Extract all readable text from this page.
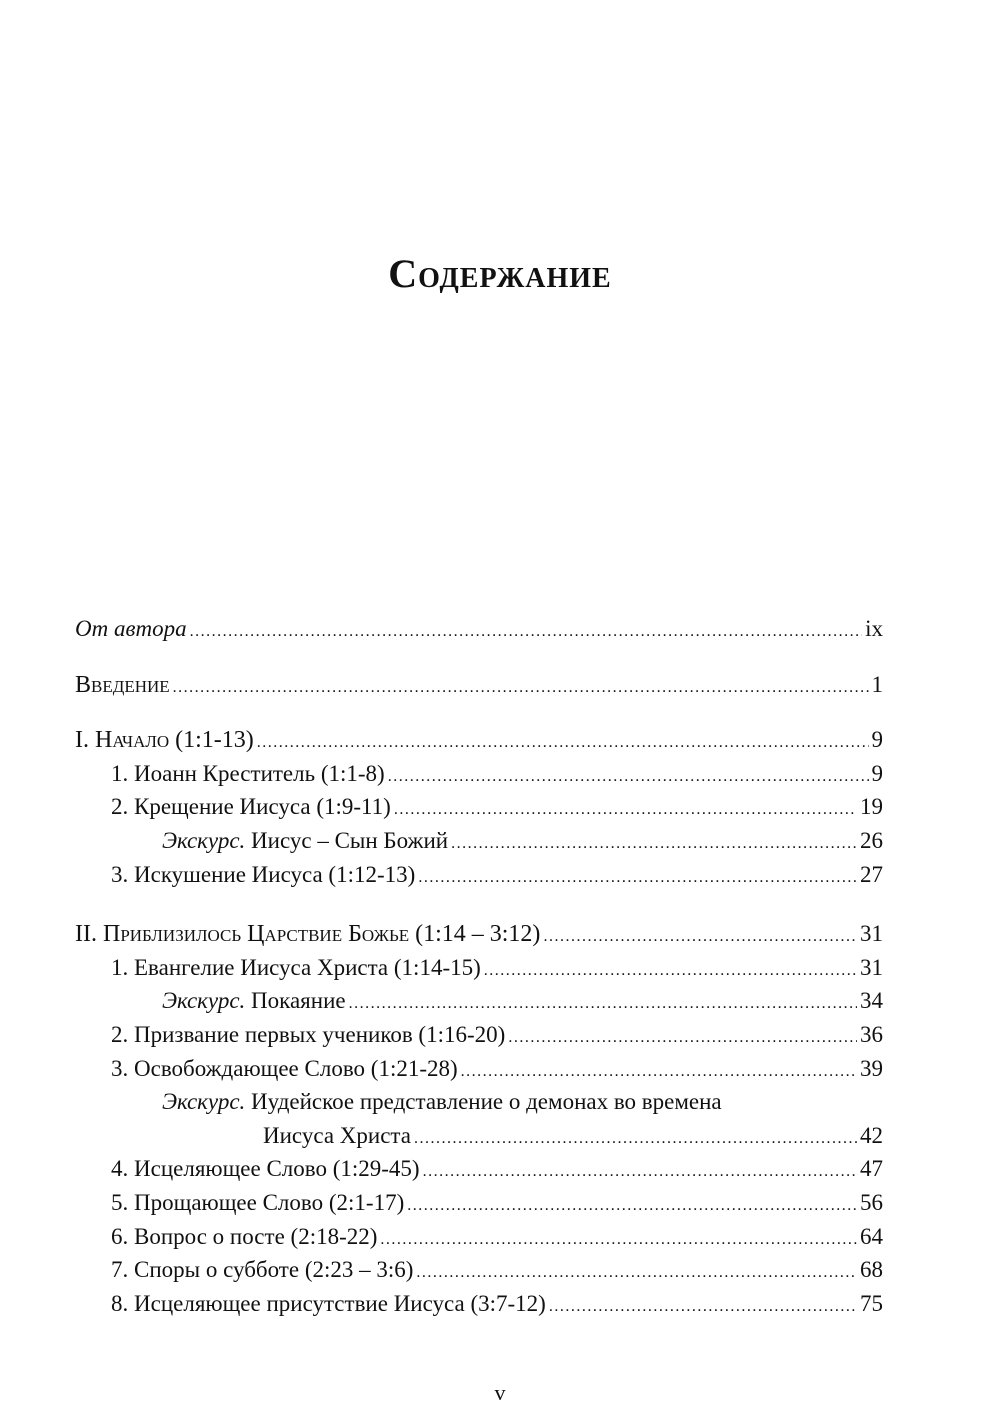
Содержание
От автора .....	ix
Введение .....	1
I. Начало (1:1-13) .....	9
1. Иоанн Креститель (1:1-8) .....	9
2. Крещение Иисуса (1:9-11) .....	19
Экскурс. Иисус – Сын Божий .....	26
3. Искушение Иисуса (1:12-13) .....	27
II. Приблизилось Царствие Божье (1:14 – 3:12) .....	31
1. Евангелие Иисуса Христа (1:14-15) .....	31
Экскурс. Покаяние .....	34
2. Призвание первых учеников (1:16-20) .....	36
3. Освобождающее Слово (1:21-28) .....	39
Экскурс. Иудейское представление о демонах во времена
Иисуса Христа .....	42
4. Исцеляющее Слово (1:29-45) .....	47
5. Прощающее Слово (2:1-17) .....	56
6. Вопрос о посте (2:18-22) .....	64
7. Споры о субботе (2:23 – 3:6) .....	68
8. Исцеляющее присутствие Иисуса (3:7-12) .....	75
v
